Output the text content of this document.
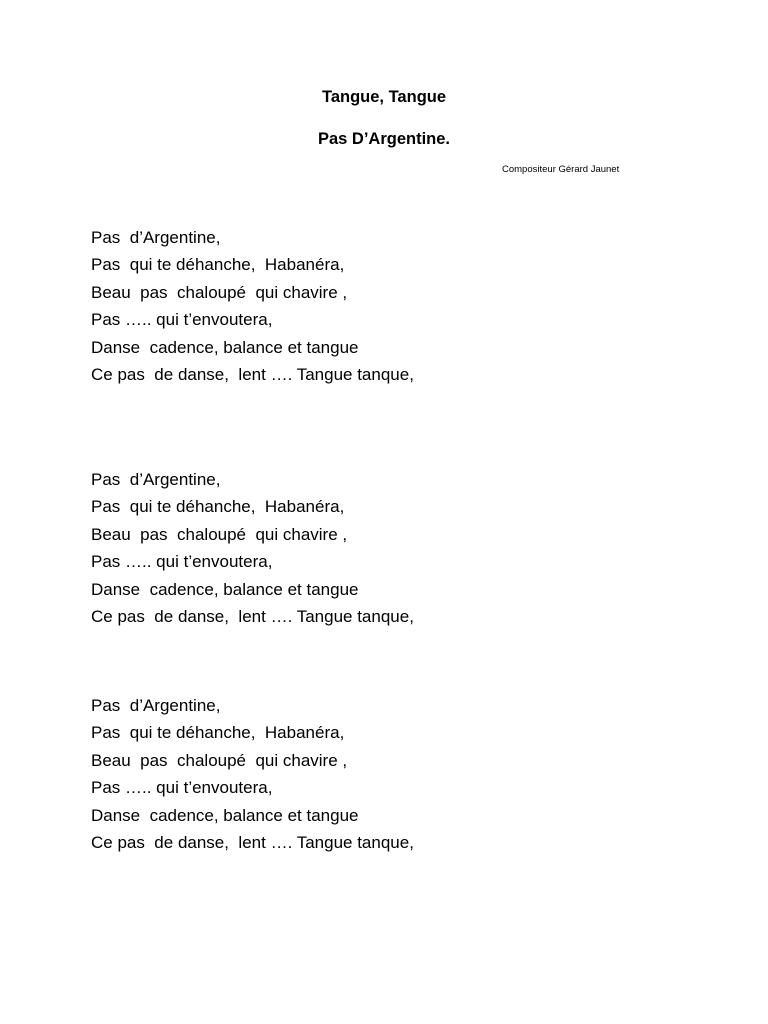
Tangue, Tangue
Pas D’Argentine.
Compositeur Gérard Jaunet
Pas  d’Argentine,
Pas  qui te déhanche,  Habanéra,
Beau  pas  chaloupé  qui chavire ,
Pas ….. qui t’envoutera,
Danse  cadence, balance et tangue
Ce pas  de danse,  lent …. Tangue tanque,
Pas  d’Argentine,
Pas  qui te déhanche,  Habanéra,
Beau  pas  chaloupé  qui chavire ,
Pas ….. qui t’envoutera,
Danse  cadence, balance et tangue
Ce pas  de danse,  lent …. Tangue tanque,
Pas  d’Argentine,
Pas  qui te déhanche,  Habanéra,
Beau  pas  chaloupé  qui chavire ,
Pas ….. qui t’envoutera,
Danse  cadence, balance et tangue
Ce pas  de danse,  lent …. Tangue tanque,
